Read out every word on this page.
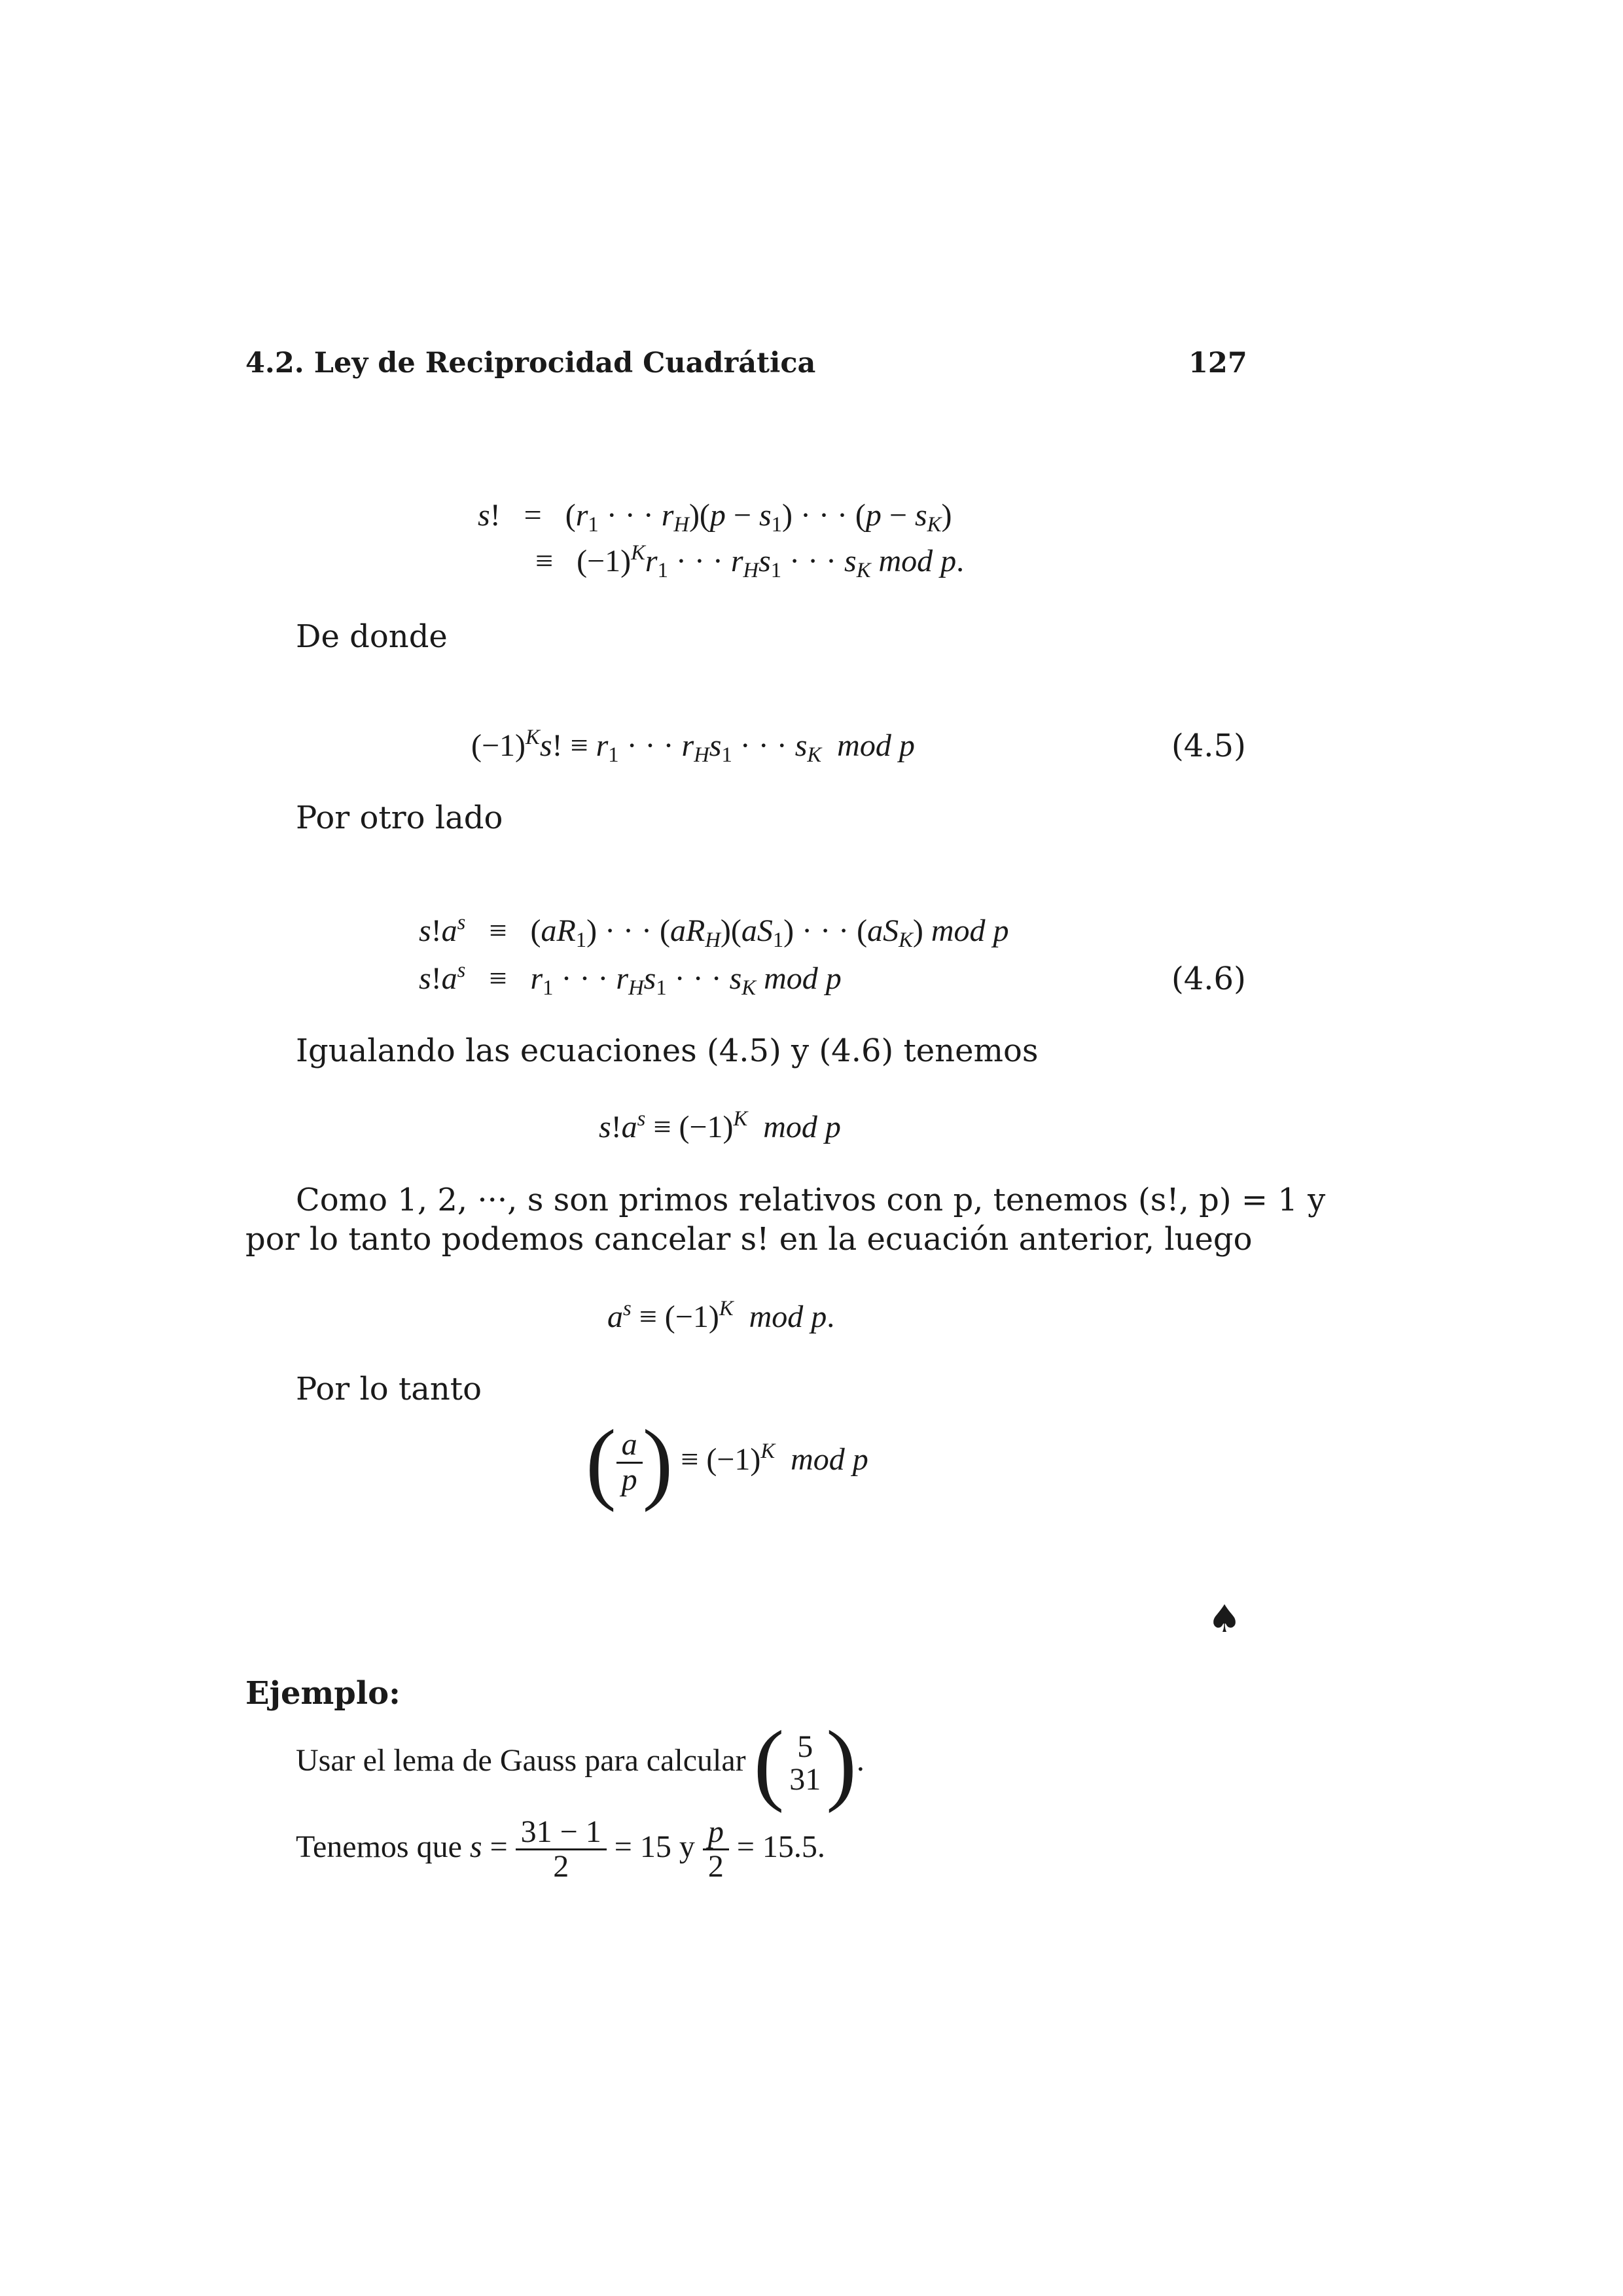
4.2. Ley de Reciprocidad Cuadrática	127
s!   =   ($r_1$ · · · $r_H)(p - s_1)$ · · · $(p - s_K)$
≡   $(-1)^Kr_1$ · · · $r_Hs_1$ · · · $s_K$ mod p.
De donde
$(-1)^Ks$! ≡ $r_1$ · · · $r_Hs_1$ · · · $s_K$ mod p	(4.5)
Por otro lado
$s!a^s \equiv (aR_1)$ · · · $(aR_H)(aS_1)$ · · · $(aS_K)$ mod p
$s!a^s \equiv r_1$ · · · $r_Hs_1$ · · · $s_K$ mod p	(4.6)
Igualando las ecuaciones (4.5) y (4.6) tenemos
$s!a^s \equiv (-1)^K$ mod p
Como 1, 2, ···, s son primos relativos con p, tenemos (s!, p) = 1 y
por lo tanto podemos cancelar s! en la ecuación anterior, luego
$a^s \equiv (-1)^K$ mod p.
Por lo tanto
( $\frac{a}{p}$ ) ≡ $(-1)^K$ mod p
♠
Ejemplo:
Usar el lema de Gauss para calcular ( 5
31 ).
Tenemos que $s = \frac{31 - 1}{2} = 15$ y $\frac{p}{2} = 15.5$.
